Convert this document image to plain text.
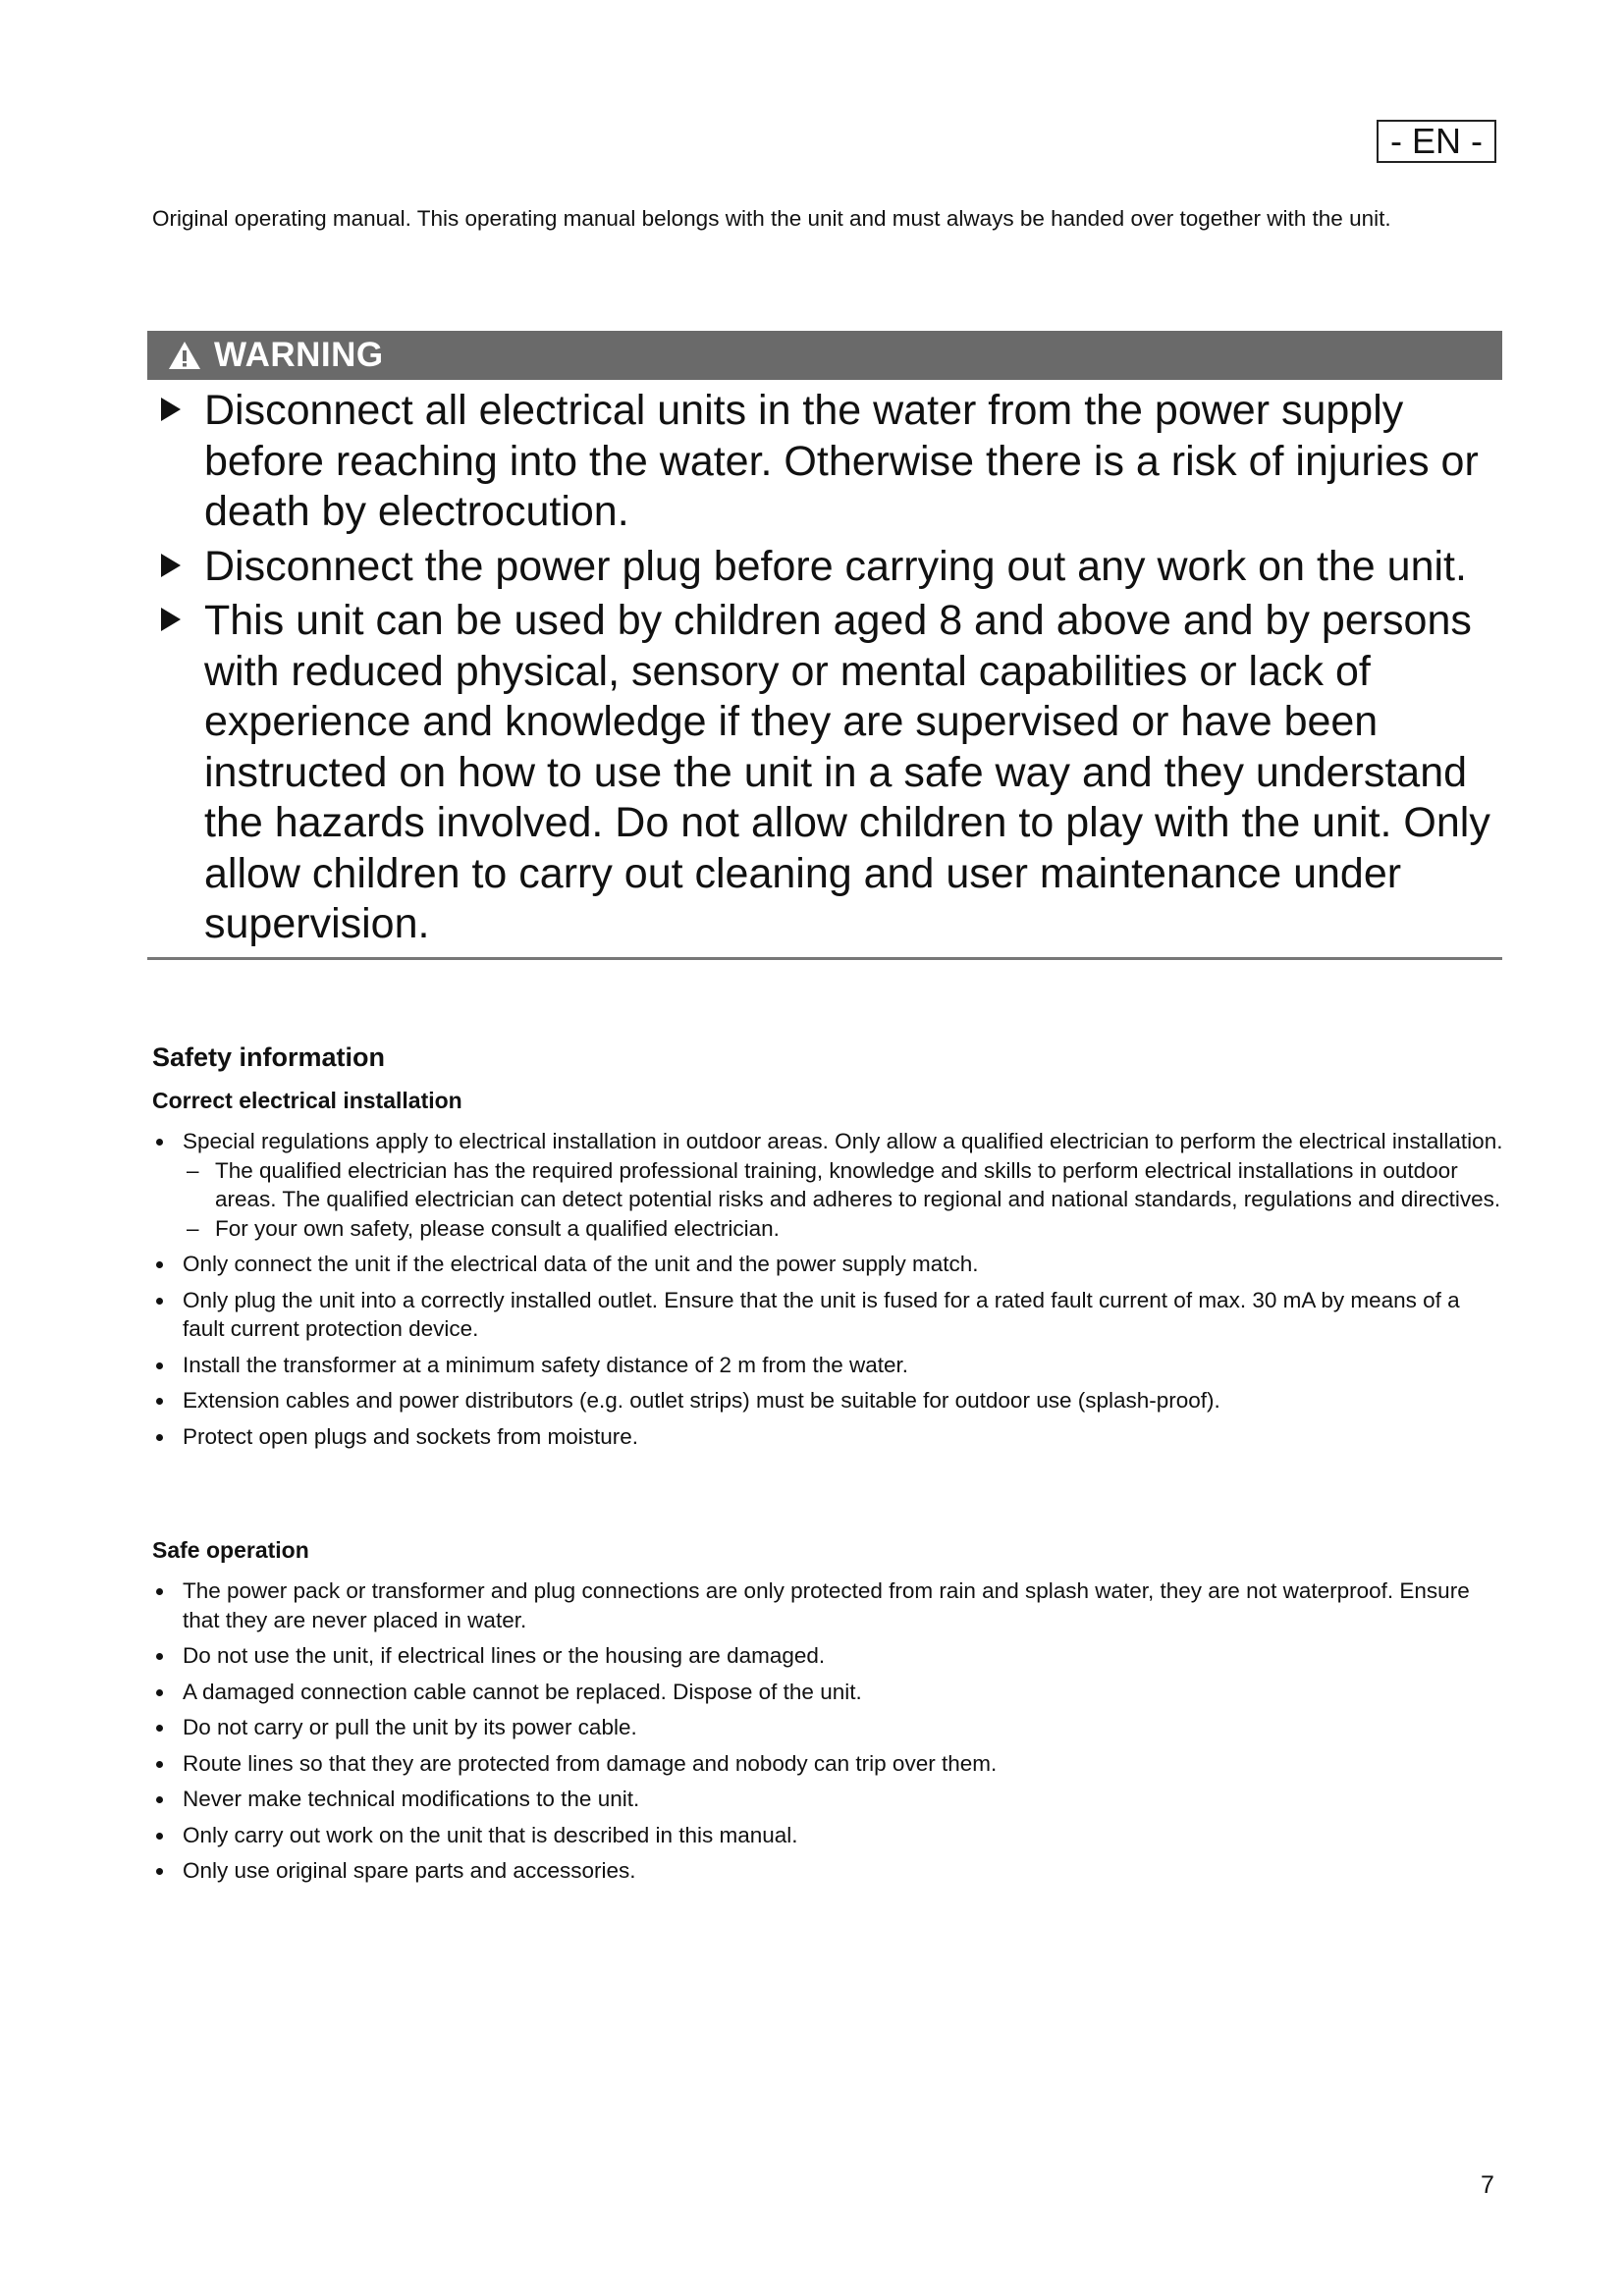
- EN -

Original operating manual. This operating manual belongs with the unit and must always be handed over together with the unit.

WARNING
Disconnect all electrical units in the water from the power supply before reaching into the water. Otherwise there is a risk of injuries or death by electrocution.
Disconnect the power plug before carrying out any work on the unit.
This unit can be used by children aged 8 and above and by persons with reduced physical, sensory or mental capabilities or lack of experience and knowledge if they are supervised or have been instructed on how to use the unit in a safe way and they understand the hazards involved. Do not allow children to play with the unit. Only allow children to carry out cleaning and user maintenance under supervision.
Safety information
Correct electrical installation
Special regulations apply to electrical installation in outdoor areas. Only allow a qualified electrician to perform the electrical installation.
– The qualified electrician has the required professional training, knowledge and skills to perform electrical installations in outdoor areas. The qualified electrician can detect potential risks and adheres to regional and national standards, regulations and directives.
– For your own safety, please consult a qualified electrician.
Only connect the unit if the electrical data of the unit and the power supply match.
Only plug the unit into a correctly installed outlet. Ensure that the unit is fused for a rated fault current of max. 30 mA by means of a fault current protection device.
Install the transformer at a minimum safety distance of 2 m from the water.
Extension cables and power distributors (e.g. outlet strips) must be suitable for outdoor use (splash-proof).
Protect open plugs and sockets from moisture.
Safe operation
The power pack or transformer and plug connections are only protected from rain and splash water, they are not waterproof. Ensure that they are never placed in water.
Do not use the unit, if electrical lines or the housing are damaged.
A damaged connection cable cannot be replaced. Dispose of the unit.
Do not carry or pull the unit by its power cable.
Route lines so that they are protected from damage and nobody can trip over them.
Never make technical modifications to the unit.
Only carry out work on the unit that is described in this manual.
Only use original spare parts and accessories.
7
